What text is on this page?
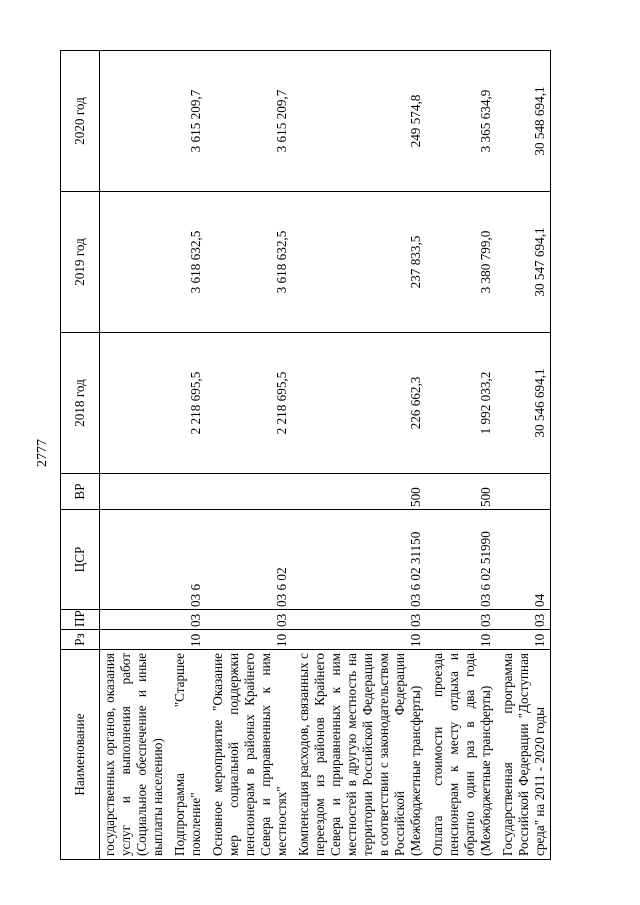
2777
Наименование	Рз	ПР	ЦСР	ВР	2018 год	2019 год	2020 год
государственных органов, оказания услуг и выполнения работ (Социальное обеспечение и иные выплаты населению)							
Подпрограмма "Старшее поколение"	10	03	03 6		2 218 695,5	3 618 632,5	3 615 209,7
Основное мероприятие "Оказание мер социальной поддержки пенсионерам в районах Крайнего Севера и приравненных к ним местностях"	10	03	03 6 02		2 218 695,5	3 618 632,5	3 615 209,7
Компенсация расходов, связанных с переездом из районов Крайнего Севера и приравненных к ним местностей в другую местность на территории Российской Федерации в соответствии с законодательством Российской Федерации (Межбюджетные трансферты)	10	03	03 6 02 31150	500	226 662,3	237 833,5	249 574,8
Оплата стоимости проезда пенсионерам к месту отдыха и обратно один раз в два года (Межбюджетные трансферты)	10	03	03 6 02 51990	500	1 992 033,2	3 380 799,0	3 365 634,9
Государственная программа Российской Федерации "Доступная среда" на 2011 - 2020 годы	10	03	04		30 546 694,1	30 547 694,1	30 548 694,1
